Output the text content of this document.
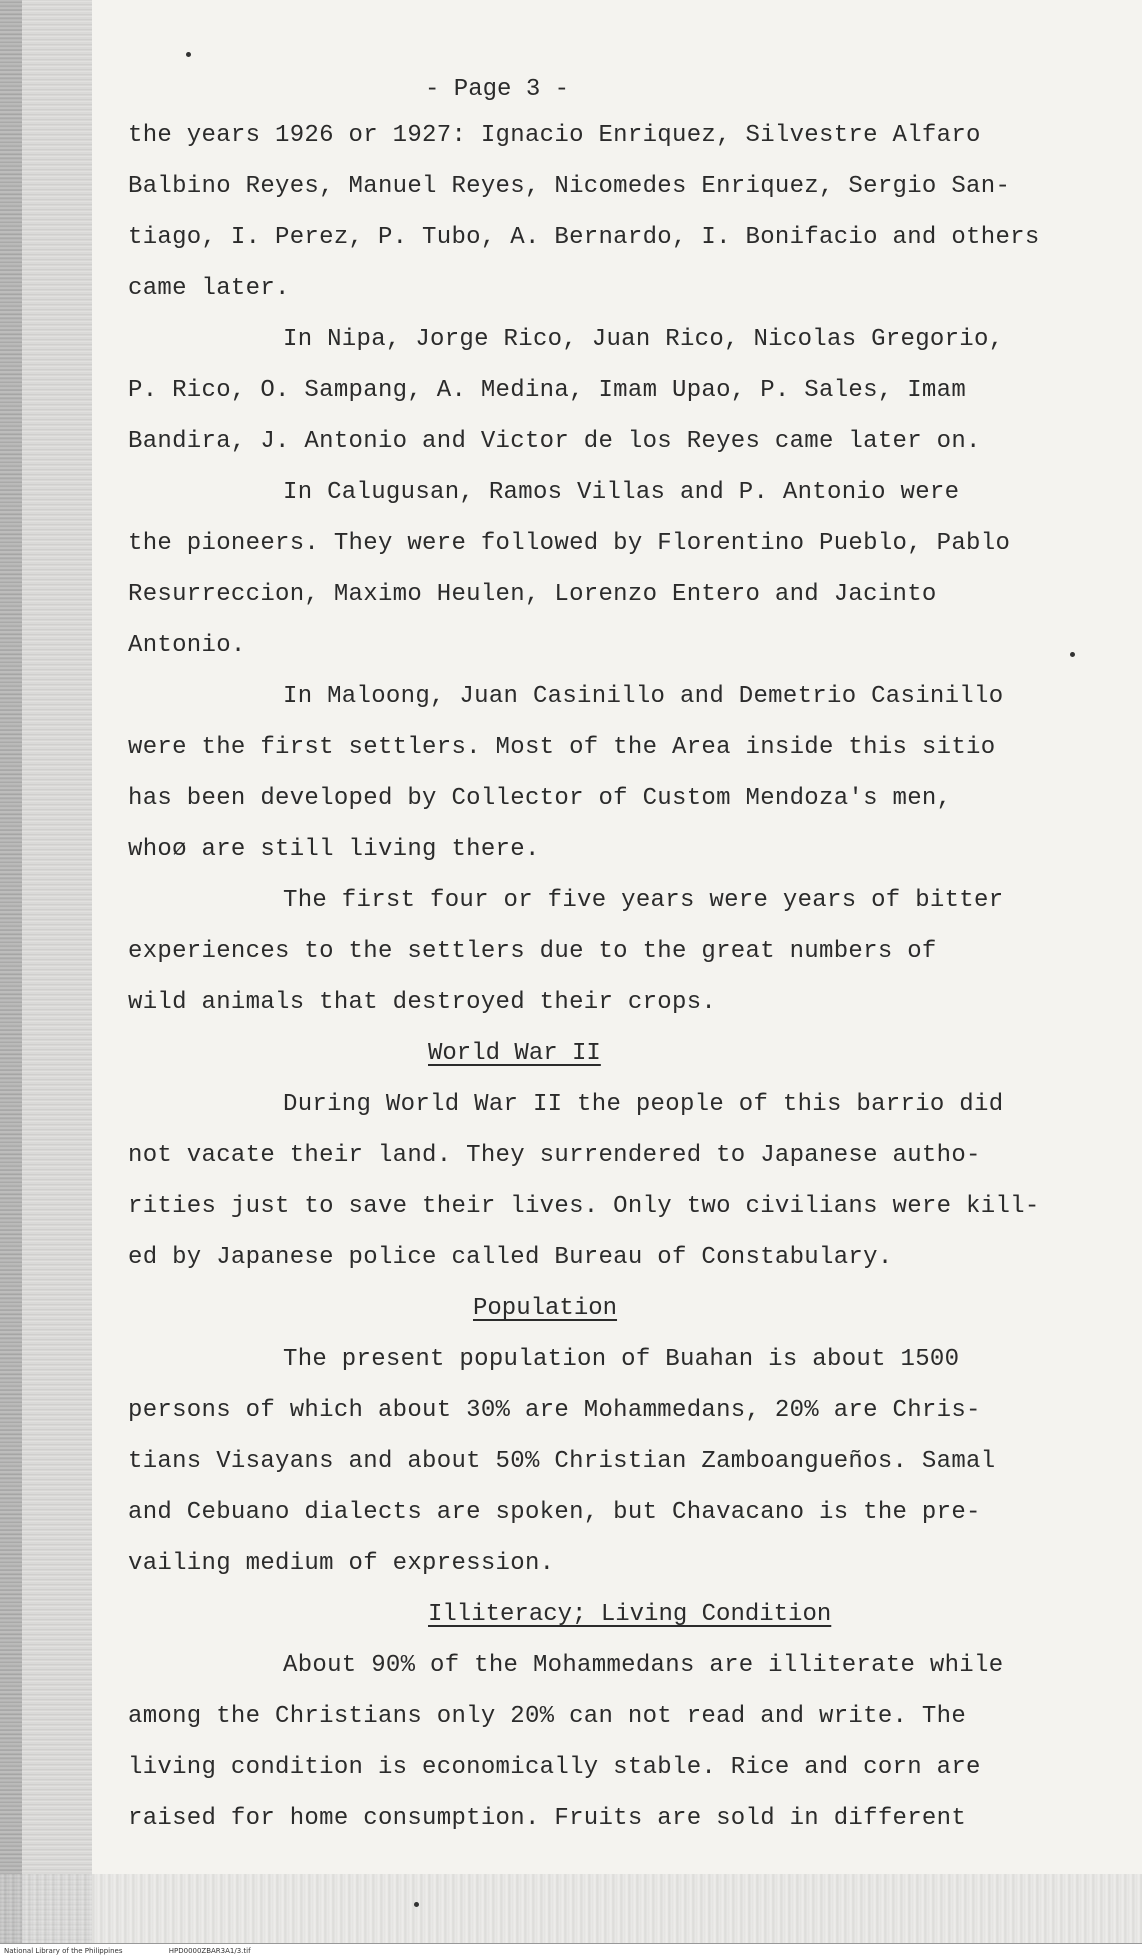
- Page 3 -
the years 1926 or 1927: Ignacio Enriquez, Silvestre Alfaro
Balbino Reyes, Manuel Reyes, Nicomedes Enriquez, Sergio San-
tiago, I. Perez, P. Tubo, A. Bernardo, I. Bonifacio and others
came later.
In Nipa, Jorge Rico, Juan Rico, Nicolas Gregorio,
P. Rico, O. Sampang, A. Medina, Imam Upao, P. Sales, Imam
Bandira, J. Antonio and Victor de los Reyes came later on.
In Calugusan, Ramos Villas and P. Antonio were
the pioneers. They were followed by Florentino Pueblo, Pablo
Resurreccion, Maximo Heulen, Lorenzo Entero and Jacinto
Antonio.
In Maloong, Juan Casinillo and Demetrio Casinillo
were the first settlers. Most of the Area inside this sitio
has been developed by Collector of Custom Mendoza's men,
whoø are still living there.
The first four or five years were years of bitter
experiences to the settlers due to the great numbers of
wild animals that destroyed their crops.
World War II
During World War II the people of this barrio did
not vacate their land. They surrendered to Japanese autho-
rities just to save their lives. Only two civilians were kill-
ed by Japanese police called Bureau of Constabulary.
Population
The present population of Buahan is about 1500
persons of which about 30% are Mohammedans, 20% are Chris-
tians Visayans and about 50% Christian Zamboangueños. Samal
and Cebuano dialects are spoken, but Chavacano is the pre-
vailing medium of expression.
Illiteracy; Living Condition
About 90% of the Mohammedans are illiterate while
among the Christians only 20% can not read and write. The
living condition is economically stable. Rice and corn are
raised for home consumption. Fruits are sold in different
National Library of the Philippines	HPD0000ZBAR3A1/3.tif
